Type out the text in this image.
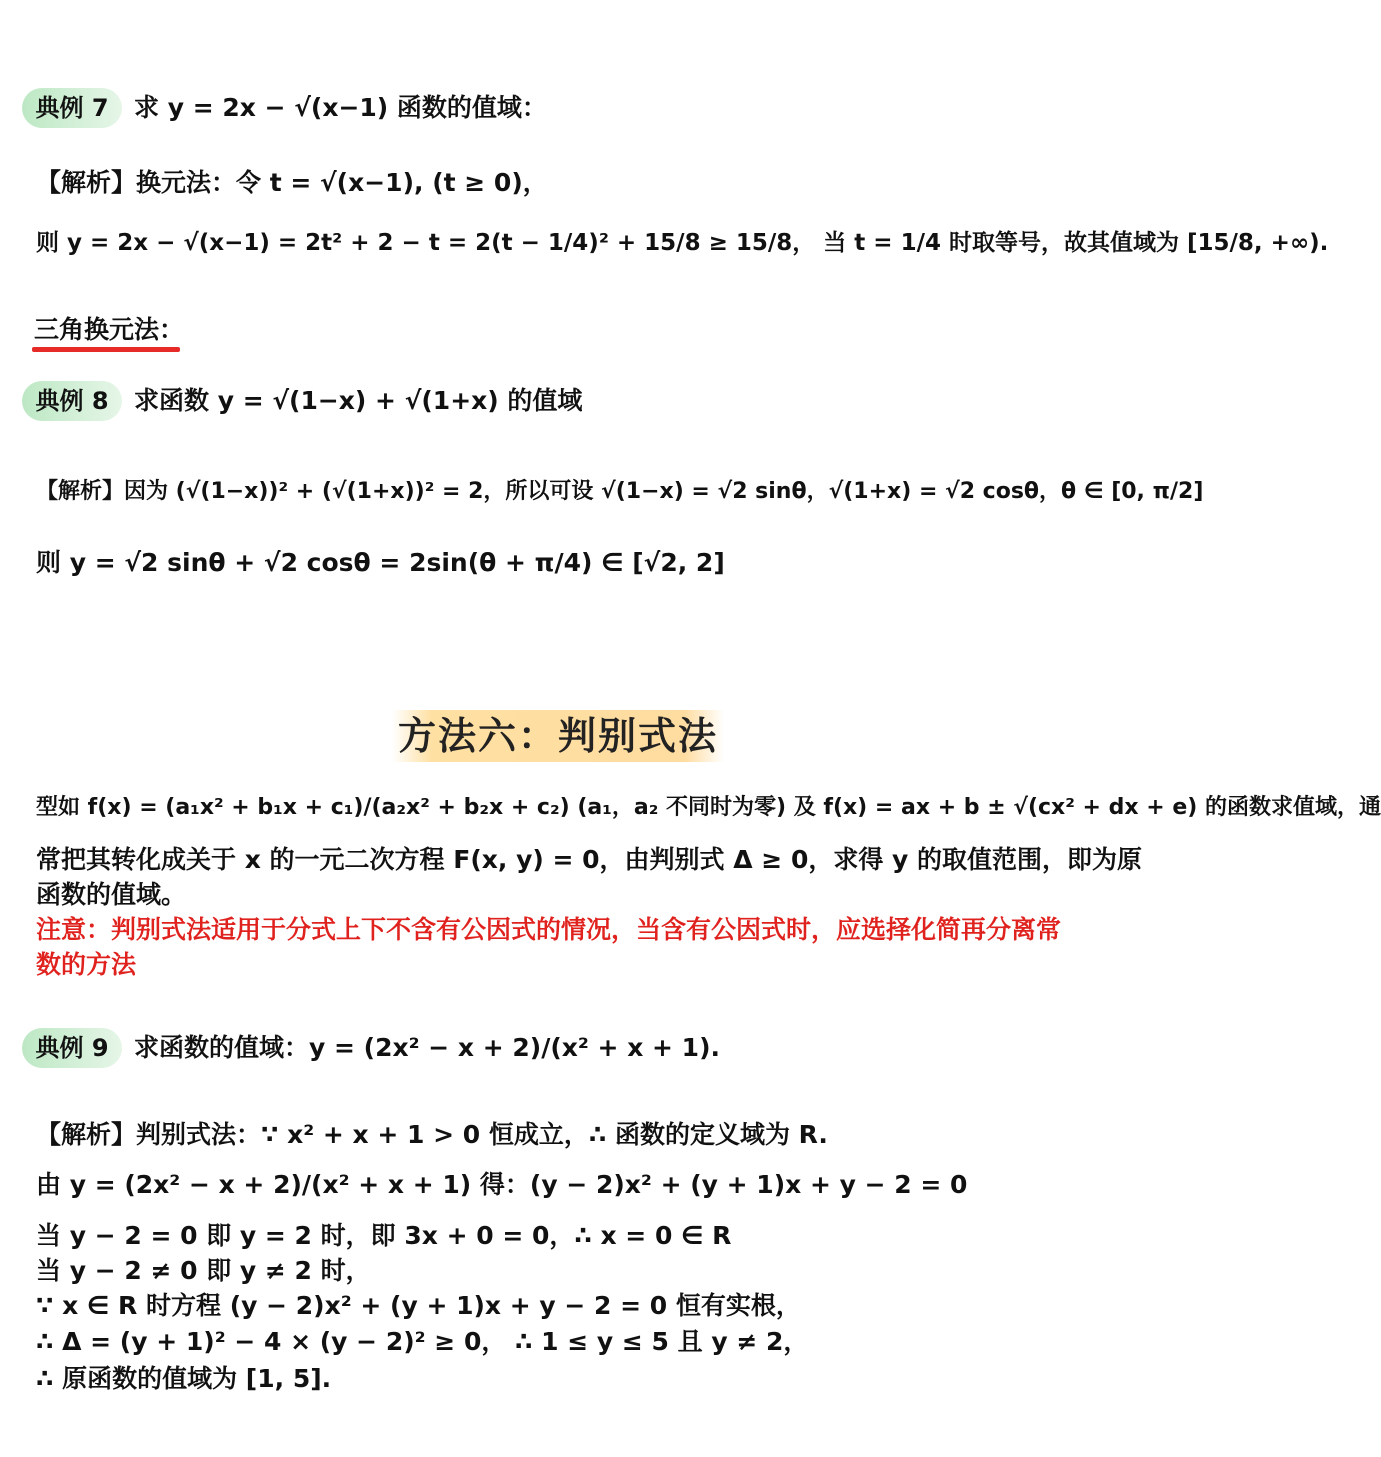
典例 7	求 y = 2x − √(x−1) 函数的值域：
【解析】换元法：令 t = √(x−1), (t ≥ 0)，
则 y = 2x − √(x−1) = 2t² + 2 − t = 2(t − 1/4)² + 15/8 ≥ 15/8， 当 t = 1/4 时取等号，故其值域为 [15/8, +∞).
三角换元法：
典例 8	求函数 y = √(1−x) + √(1+x) 的值域
【解析】因为 (√(1−x))² + (√(1+x))² = 2，所以可设 √(1−x) = √2 sinθ，√(1+x) = √2 cosθ，θ ∈ [0, π/2]
则 y = √2 sinθ + √2 cosθ = 2sin(θ + π/4) ∈ [√2, 2]
方法六：判别式法
型如 f(x) = (a₁x² + b₁x + c₁)/(a₂x² + b₂x + c₂) (a₁，a₂ 不同时为零) 及 f(x) = ax + b ± √(cx² + dx + e) 的函数求值域，通
常把其转化成关于 x 的一元二次方程 F(x, y) = 0，由判别式 Δ ≥ 0，求得 y 的取值范围，即为原
函数的值域。
注意：判别式法适用于分式上下不含有公因式的情况，当含有公因式时，应选择化简再分离常
数的方法
典例 9	求函数的值域：y = (2x² − x + 2)/(x² + x + 1).
【解析】判别式法：∵ x² + x + 1 > 0 恒成立，∴ 函数的定义域为 R.
由 y = (2x² − x + 2)/(x² + x + 1) 得：(y − 2)x² + (y + 1)x + y − 2 = 0
当 y − 2 = 0 即 y = 2 时，即 3x + 0 = 0，∴ x = 0 ∈ R
当 y − 2 ≠ 0 即 y ≠ 2 时，
∵ x ∈ R 时方程 (y − 2)x² + (y + 1)x + y − 2 = 0 恒有实根，
∴ Δ = (y + 1)² − 4 × (y − 2)² ≥ 0， ∴ 1 ≤ y ≤ 5 且 y ≠ 2，
∴ 原函数的值域为 [1, 5].
